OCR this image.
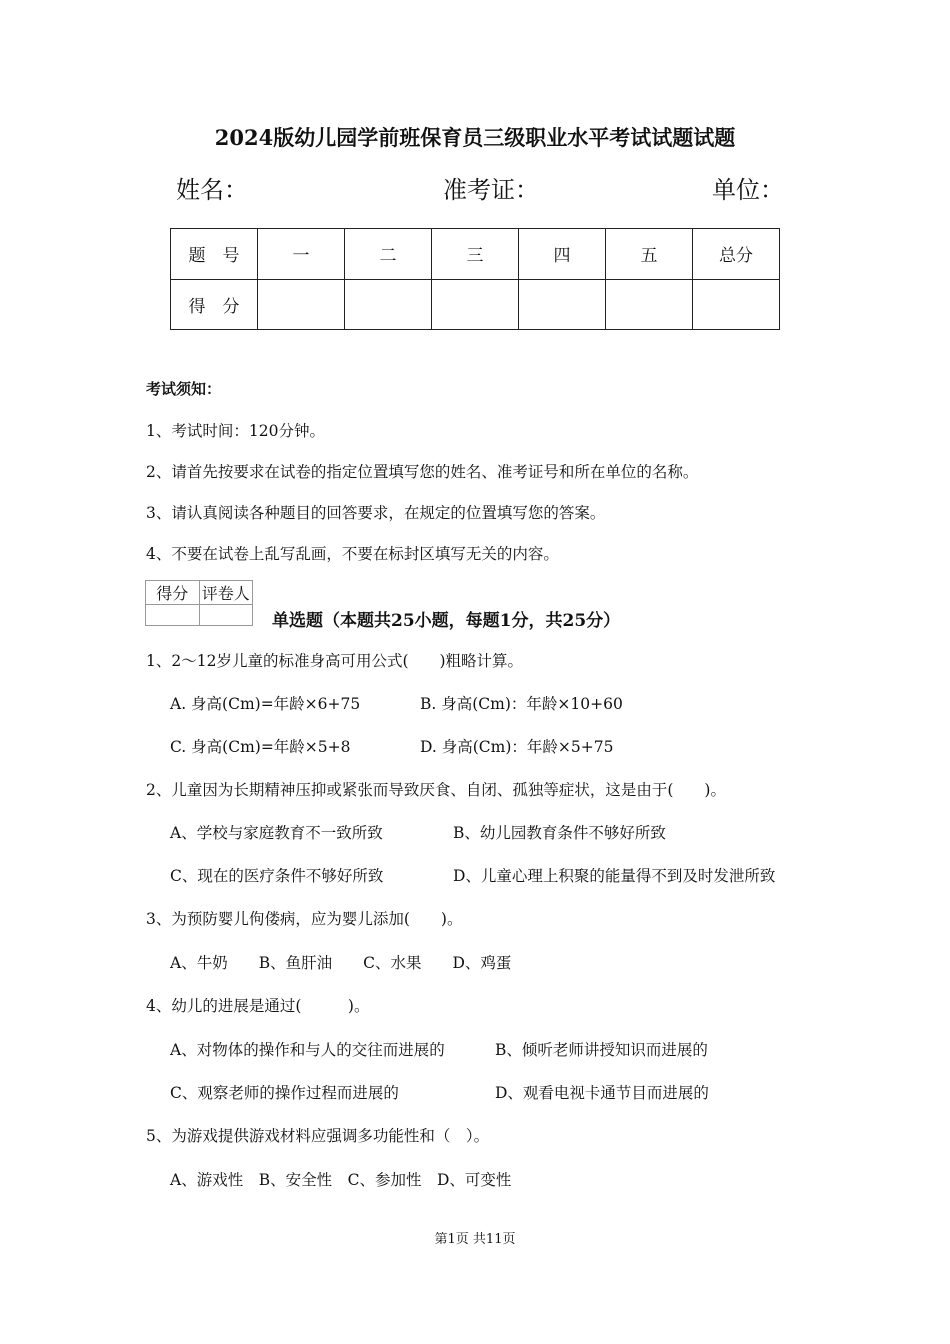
2024版幼儿园学前班保育员三级职业水平考试试题试题
姓名：	准考证：	单位：
题　号	一	二	三	四	五	总分
得　分						
考试须知：
1、考试时间：120分钟。
2、请首先按要求在试卷的指定位置填写您的姓名、准考证号和所在单位的名称。
3、请认真阅读各种题目的回答要求，在规定的位置填写您的答案。
4、不要在试卷上乱写乱画，不要在标封区填写无关的内容。
得分	评卷人

单选题（本题共25小题，每题1分，共25分）
1、2～12岁儿童的标准身高可用公式(　　)粗略计算。
A. 身高(Cm)=年龄×6+75	B. 身高(Cm)：年龄×10+60
C. 身高(Cm)=年龄×5+8	D. 身高(Cm)：年龄×5+75
2、儿童因为长期精神压抑或紧张而导致厌食、自闭、孤独等症状，这是由于(　　)。
A、学校与家庭教育不一致所致	B、幼儿园教育条件不够好所致
C、现在的医疗条件不够好所致	D、儿童心理上积聚的能量得不到及时发泄所致
3、为预防婴儿佝偻病，应为婴儿添加(　　)。
A、牛奶　　B、鱼肝油　　C、水果　　D、鸡蛋
4、幼儿的进展是通过(　　　)。
A、对物体的操作和与人的交往而进展的	B、倾听老师讲授知识而进展的
C、观察老师的操作过程而进展的	D、观看电视卡通节目而进展的
5、为游戏提供游戏材料应强调多功能性和（　）。
A、游戏性　B、安全性　C、参加性　D、可变性
第1页 共11页
